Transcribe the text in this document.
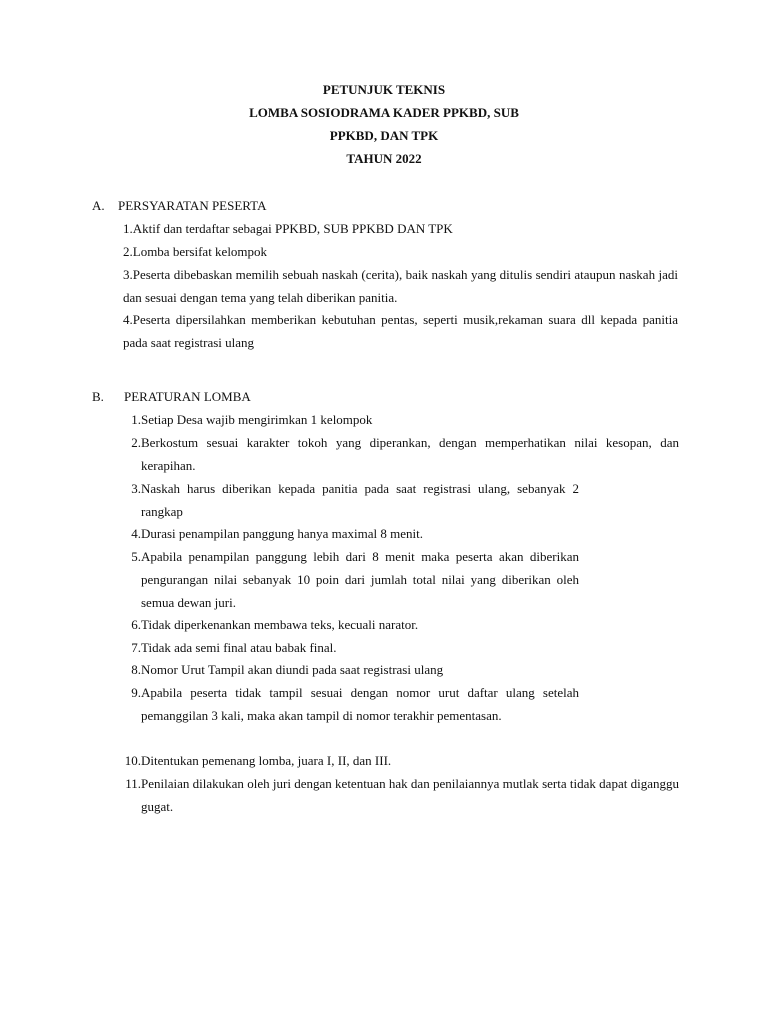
PETUNJUK TEKNIS
LOMBA SOSIODRAMA KADER PPKBD, SUB
PPKBD, DAN TPK
TAHUN 2022
A. PERSYARATAN PESERTA
1.Aktif dan terdaftar sebagai PPKBD, SUB PPKBD DAN TPK
2.Lomba bersifat kelompok
3.Peserta dibebaskan memilih sebuah naskah (cerita), baik naskah yang ditulis sendiri ataupun naskah jadi dan sesuai dengan tema yang telah diberikan panitia.
4.Peserta dipersilahkan memberikan kebutuhan pentas, seperti musik,rekaman suara dll kepada panitia pada saat registrasi ulang
B. PERATURAN LOMBA
1. Setiap Desa wajib mengirimkan 1 kelompok
2. Berkostum sesuai karakter tokoh yang diperankan, dengan memperhatikan nilai kesopan, dan kerapihan.
3. Naskah harus diberikan kepada panitia pada saat registrasi ulang, sebanyak 2 rangkap
4. Durasi penampilan panggung hanya maximal 8 menit.
5. Apabila penampilan panggung lebih dari 8 menit maka peserta akan diberikan pengurangan nilai sebanyak 10 poin dari jumlah total nilai yang diberikan oleh semua dewan juri.
6. Tidak diperkenankan membawa teks, kecuali narator.
7. Tidak ada semi final atau babak final.
8. Nomor Urut Tampil akan diundi pada saat registrasi ulang
9. Apabila peserta tidak tampil sesuai dengan nomor urut daftar ulang setelah pemanggilan 3 kali, maka akan tampil di nomor terakhir pementasan.
10. Ditentukan pemenang lomba, juara I, II, dan III.
11. Penilaian dilakukan oleh juri dengan ketentuan hak dan penilaiannya mutlak serta tidak dapat diganggu gugat.
